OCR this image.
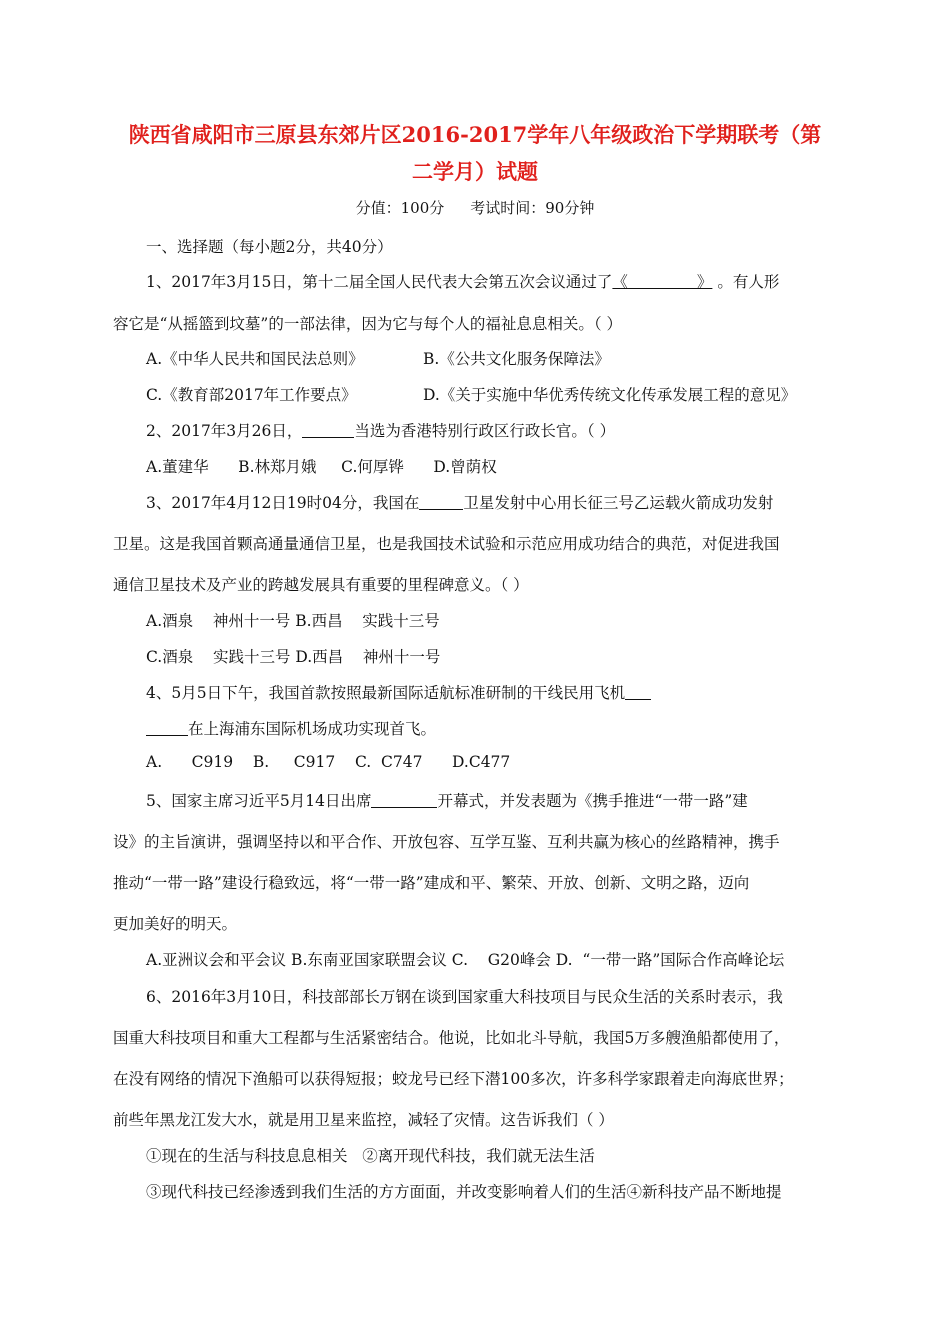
陕西省咸阳市三原县东郊片区2016-2017学年八年级政治下学期联考（第
二学月）试题
分值：100分 考试时间：90分钟
一、选择题（每小题2分，共40分）
1、2017年3月15日，第十二届全国人民代表大会第五次会议通过了《              》 。有人形
容它是“从摇篮到坟墓”的一部法律，因为它与每个人的福祉息息相关。（ ）
A.《中华人民共和国民法总则》	B.《公共文化服务保障法》
C.《教育部2017年工作要点》	D.《关于实施中华优秀传统文化传承发展工程的意见》
2、2017年3月26日，	当选为香港特别行政区行政长官。（ ）
A.董建华      B.林郑月娥     C.何厚铧      D.曾荫权
3、2017年4月12日19时04分，我国在	卫星发射中心用长征三号乙运载火箭成功发射
卫星。这是我国首颗高通量通信卫星，也是我国技术试验和示范应用成功结合的典范，对促进我国
通信卫星技术及产业的跨越发展具有重要的里程碑意义。（ ）
A.酒泉    神州十一号 B.西昌    实践十三号
C.酒泉    实践十三号 D.西昌    神州十一号
4、5月5日下午，我国首款按照最新国际适航标准研制的干线民用飞机
在上海浦东国际机场成功实现首飞。
A.      C919    B.     C917    C.  C747      D.C477
5、国家主席习近平5月14日出席	开幕式，并发表题为《携手推进“一带一路”建
设》的主旨演讲，强调坚持以和平合作、开放包容、互学互鉴、互利共赢为核心的丝路精神，携手
推动“一带一路”建设行稳致远，将“一带一路”建成和平、繁荣、开放、创新、文明之路，迈向
更加美好的明天。
A.亚洲议会和平会议 B.东南亚国家联盟会议 C.    G20峰会 D.  “一带一路”国际合作高峰论坛
6、2016年3月10日，科技部部长万钢在谈到国家重大科技项目与民众生活的关系时表示，我
国重大科技项目和重大工程都与生活紧密结合。他说，比如北斗导航，我国5万多艘渔船都使用了，
在没有网络的情况下渔船可以获得短报；蛟龙号已经下潜100多次，许多科学家跟着走向海底世界；
前些年黑龙江发大水，就是用卫星来监控，减轻了灾情。这告诉我们（ ）
①现在的生活与科技息息相关   ②离开现代科技，我们就无法生活
③现代科技已经渗透到我们生活的方方面面，并改变影响着人们的生活④新科技产品不断地提
